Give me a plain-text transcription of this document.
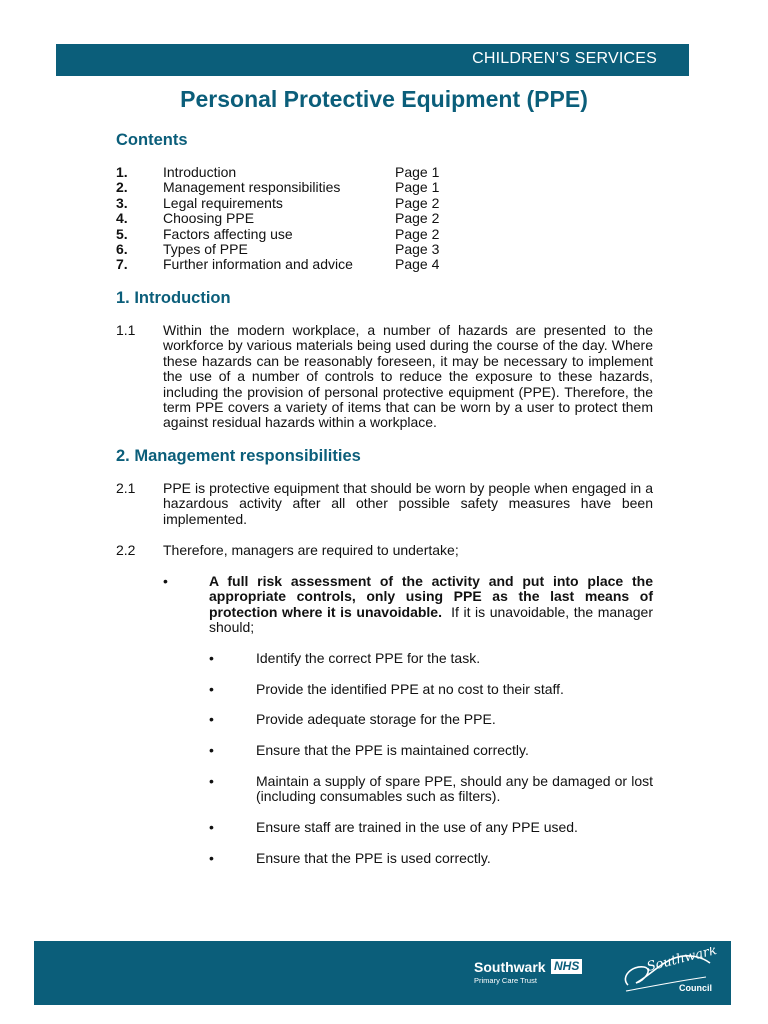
CHILDREN’S SERVICES
Personal Protective Equipment (PPE)
Contents
1.	Introduction	Page 1
2.	Management responsibilities	Page 1
3.	Legal requirements	Page 2
4.	Choosing PPE	Page 2
5.	Factors affecting use	Page 2
6.	Types of PPE	Page 3
7.	Further information and advice	Page 4
1. Introduction
1.1 Within the modern workplace, a number of hazards are presented to the workforce by various materials being used during the course of the day. Where these hazards can be reasonably foreseen, it may be necessary to implement the use of a number of controls to reduce the exposure to these hazards, including the provision of personal protective equipment (PPE). Therefore, the term PPE covers a variety of items that can be worn by a user to protect them against residual hazards within a workplace.
2. Management responsibilities
2.1 PPE is protective equipment that should be worn by people when engaged in a hazardous activity after all other possible safety measures have been implemented.
2.2 Therefore, managers are required to undertake;
•	A full risk assessment of the activity and put into place the appropriate controls, only using PPE as the last means of protection where it is unavoidable. If it is unavoidable, the manager should;
•	Identify the correct PPE for the task.
•	Provide the identified PPE at no cost to their staff.
•	Provide adequate storage for the PPE.
•	Ensure that the PPE is maintained correctly.
•	Maintain a supply of spare PPE, should any be damaged or lost (including consumables such as filters).
•	Ensure staff are trained in the use of any PPE used.
•	Ensure that the PPE is used correctly.
Southwark NHS
Primary Care Trust
Southwark
Council
